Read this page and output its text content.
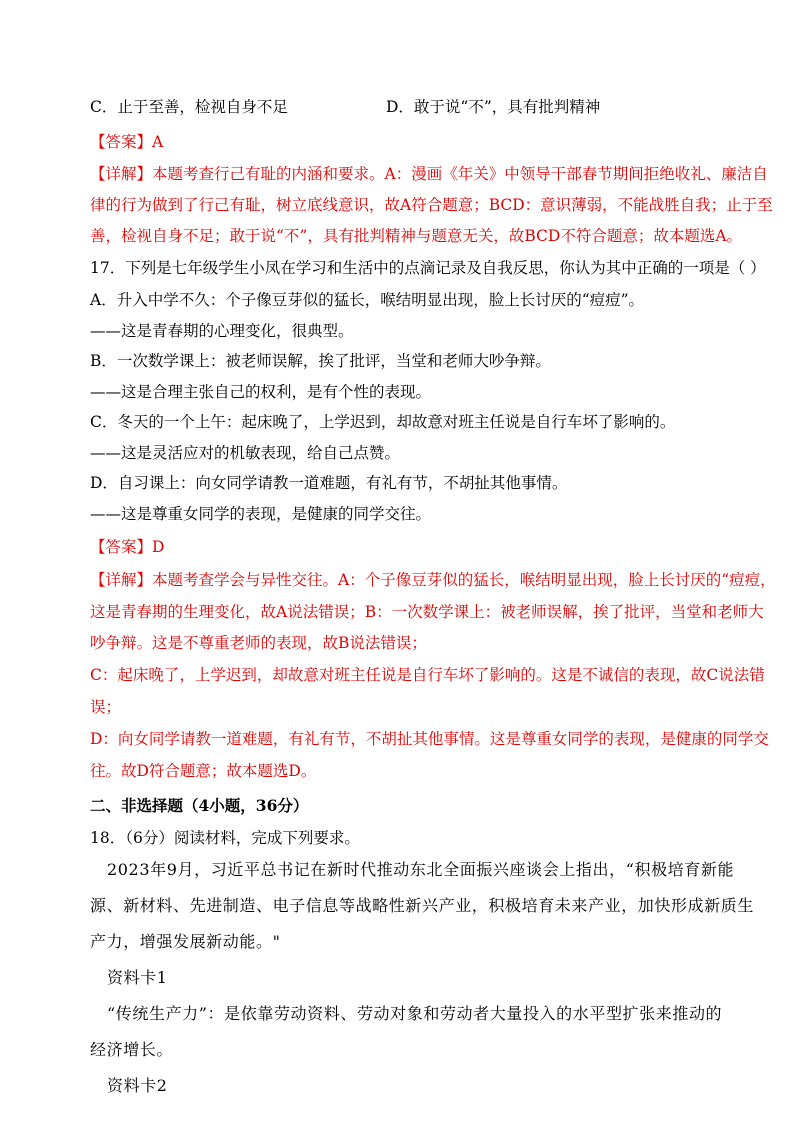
C．止于至善，检视自身不足	D．敢于说“不”，具有批判精神
【答案】A
【详解】本题考查行己有耻的内涵和要求。A：漫画《年关》中领导干部春节期间拒绝收礼、廉洁自
律的行为做到了行己有耻，树立底线意识，故A符合题意；BCD：意识薄弱，不能战胜自我；止于至
善，检视自身不足；敢于说“不”，具有批判精神与题意无关，故BCD不符合题意；故本题选A。
17．下列是七年级学生小凤在学习和生活中的点滴记录及自我反思，你认为其中正确的一项是（ ）
A．升入中学不久：个子像豆芽似的猛长，喉结明显出现，脸上长讨厌的“痘痘”。
——这是青春期的心理变化，很典型。
B．一次数学课上：被老师误解，挨了批评，当堂和老师大吵争辩。
——这是合理主张自己的权利，是有个性的表现。
C．冬天的一个上午：起床晚了，上学迟到，却故意对班主任说是自行车坏了影响的。
——这是灵活应对的机敏表现，给自己点赞。
D．自习课上：向女同学请教一道难题，有礼有节，不胡扯其他事情。
——这是尊重女同学的表现，是健康的同学交往。
【答案】D
【详解】本题考查学会与异性交往。A：个子像豆芽似的猛长，喉结明显出现，脸上长讨厌的“痘痘，
这是青春期的生理变化，故A说法错误；B：一次数学课上：被老师误解，挨了批评，当堂和老师大
吵争辩。这是不尊重老师的表现，故B说法错误；
C：起床晚了，上学迟到，却故意对班主任说是自行车坏了影响的。这是不诚信的表现，故C说法错
误；
D：向女同学请教一道难题，有礼有节，不胡扯其他事情。这是尊重女同学的表现，是健康的同学交
往。故D符合题意；故本题选D。
二、非选择题（4小题，36分）
18．（6分）阅读材料，完成下列要求。
2023年9月，习近平总书记在新时代推动东北全面振兴座谈会上指出，“积极培育新能
源、新材料、先进制造、电子信息等战略性新兴产业，积极培育未来产业，加快形成新质生
产力，增强发展新动能。"
资料卡1
“传统生产力”：是依靠劳动资料、劳动对象和劳动者大量投入的水平型扩张来推动的
经济增长。
资料卡2
